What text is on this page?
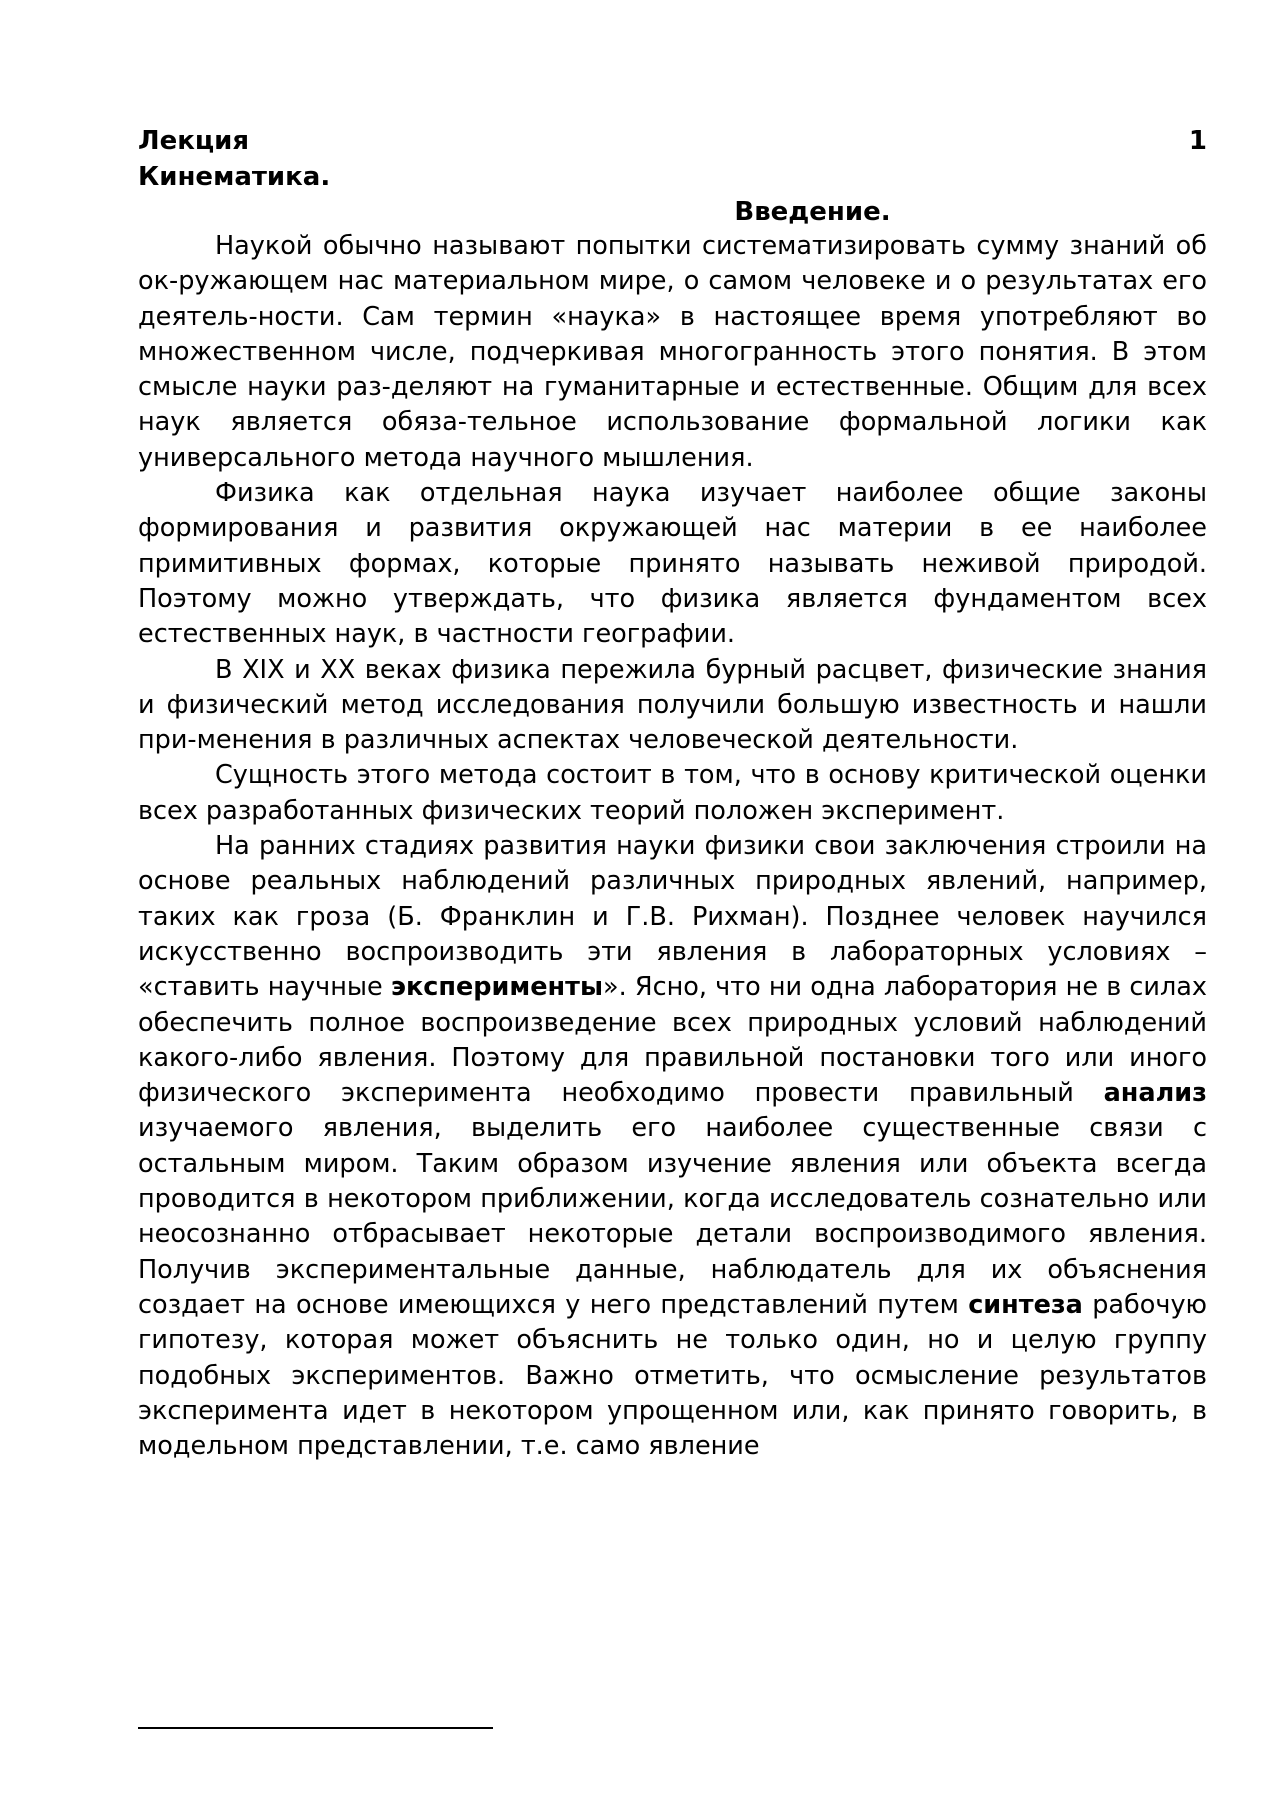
Лекция	1
Кинематика.
Введение.

Наукой обычно называют попытки систематизировать сумму знаний об ок-ружающем нас материальном мире, о самом человеке и о результатах его деятель-ности. Сам термин «наука» в настоящее время употребляют во множественном числе, подчеркивая многогранность этого понятия. В этом смысле науки раз-деляют на гуманитарные и естественные. Общим для всех наук является обяза-тельное использование формальной логики как универсального метода научного мышления.

Физика как отдельная наука изучает наиболее общие законы формирования и развития окружающей нас материи в ее наиболее примитивных формах, которые принято называть неживой природой. Поэтому можно утверждать, что физика является фундаментом всех естественных наук, в частности географии.

В XIX и XX веках физика пережила бурный расцвет, физические знания и физический метод исследования получили большую известность и нашли при-менения в различных аспектах человеческой деятельности.

Сущность этого метода состоит в том, что в основу критической оценки всех разработанных физических теорий положен эксперимент.

На ранних стадиях развития науки физики свои заключения строили на основе реальных наблюдений различных природных явлений, например, таких как гроза (Б. Франклин и Г.В. Рихман). Позднее человек научился искусственно воспроизводить эти явления в лабораторных условиях – «ставить научные эксперименты». Ясно, что ни одна лаборатория не в силах обеспечить полное воспроизведение всех природных условий наблюдений какого-либо явления. Поэтому для правильной постановки того или иного физического эксперимента необходимо провести правильный анализ изучаемого явления, выделить его наиболее существенные связи с остальным миром. Таким образом изучение явления или объекта всегда проводится в некотором приближении, когда исследователь сознательно или неосознанно отбрасывает некоторые детали воспроизводимого явления. Получив экспериментальные данные, наблюдатель для их объяснения создает на основе имеющихся у него представлений путем синтеза рабочую гипотезу, которая может объяснить не только один, но и целую группу подобных экспериментов. Важно отметить, что осмысление результатов эксперимента идет в некотором упрощенном или, как принято говорить, в модельном представлении, т.е. само явление
